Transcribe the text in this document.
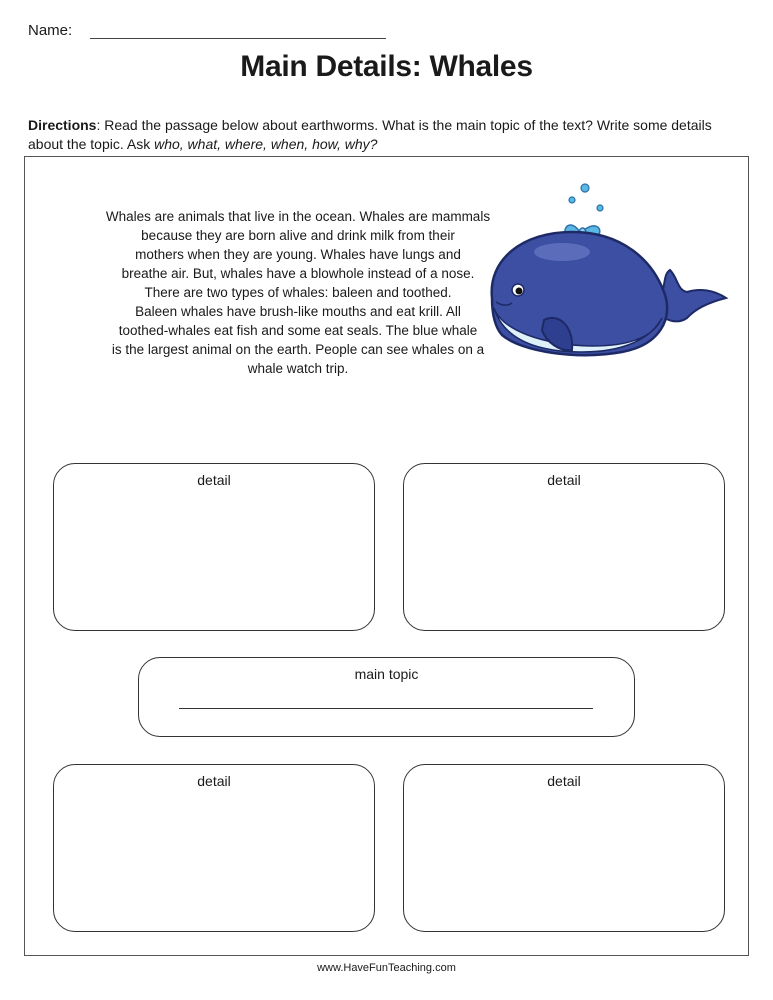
Name:
Main Details: Whales
Directions: Read the passage below about earthworms. What is the main topic of the text? Write some details about the topic. Ask who, what, where, when, how, why?
Whales are animals that live in the ocean. Whales are mammals
because they are born alive and drink milk from their
mothers when they are young. Whales have lungs and
breathe air. But, whales have a blowhole instead of a nose.
There are two types of whales: baleen and toothed.
Baleen whales have brush-like mouths and eat krill. All
toothed-whales eat fish and some eat seals. The blue whale
is the largest animal on the earth. People can see whales on a
whale watch trip.
detail	detail
main topic
detail	detail
www.HaveFunTeaching.com
